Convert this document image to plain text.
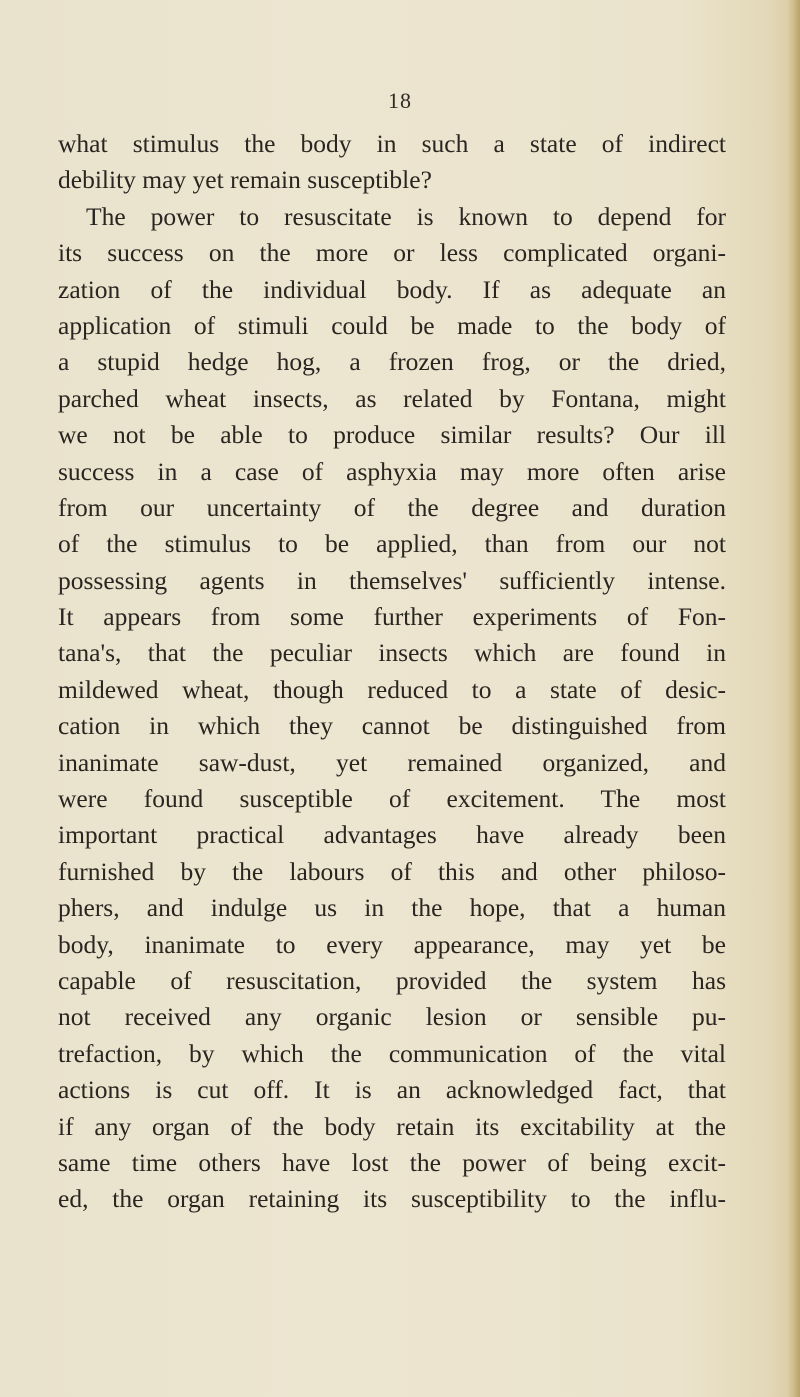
18
what stimulus the body in such a state of indirect
debility may yet remain susceptible?
The power to resuscitate is known to depend for
its success on the more or less complicated organi-
zation of the individual body. If as adequate an
application of stimuli could be made to the body of
a stupid hedge hog, a frozen frog, or the dried,
parched wheat insects, as related by Fontana, might
we not be able to produce similar results? Our ill
success in a case of asphyxia may more often arise
from our uncertainty of the degree and duration
of the stimulus to be applied, than from our not
possessing agents in themselves' sufficiently intense.
It appears from some further experiments of Fon-
tana's, that the peculiar insects which are found in
mildewed wheat, though reduced to a state of desic-
cation in which they cannot be distinguished from
inanimate saw-dust, yet remained organized, and
were found susceptible of excitement. The most
important practical advantages have already been
furnished by the labours of this and other philoso-
phers, and indulge us in the hope, that a human
body, inanimate to every appearance, may yet be
capable of resuscitation, provided the system has
not received any organic lesion or sensible pu-
trefaction, by which the communication of the vital
actions is cut off. It is an acknowledged fact, that
if any organ of the body retain its excitability at the
same time others have lost the power of being excit-
ed, the organ retaining its susceptibility to the influ-
